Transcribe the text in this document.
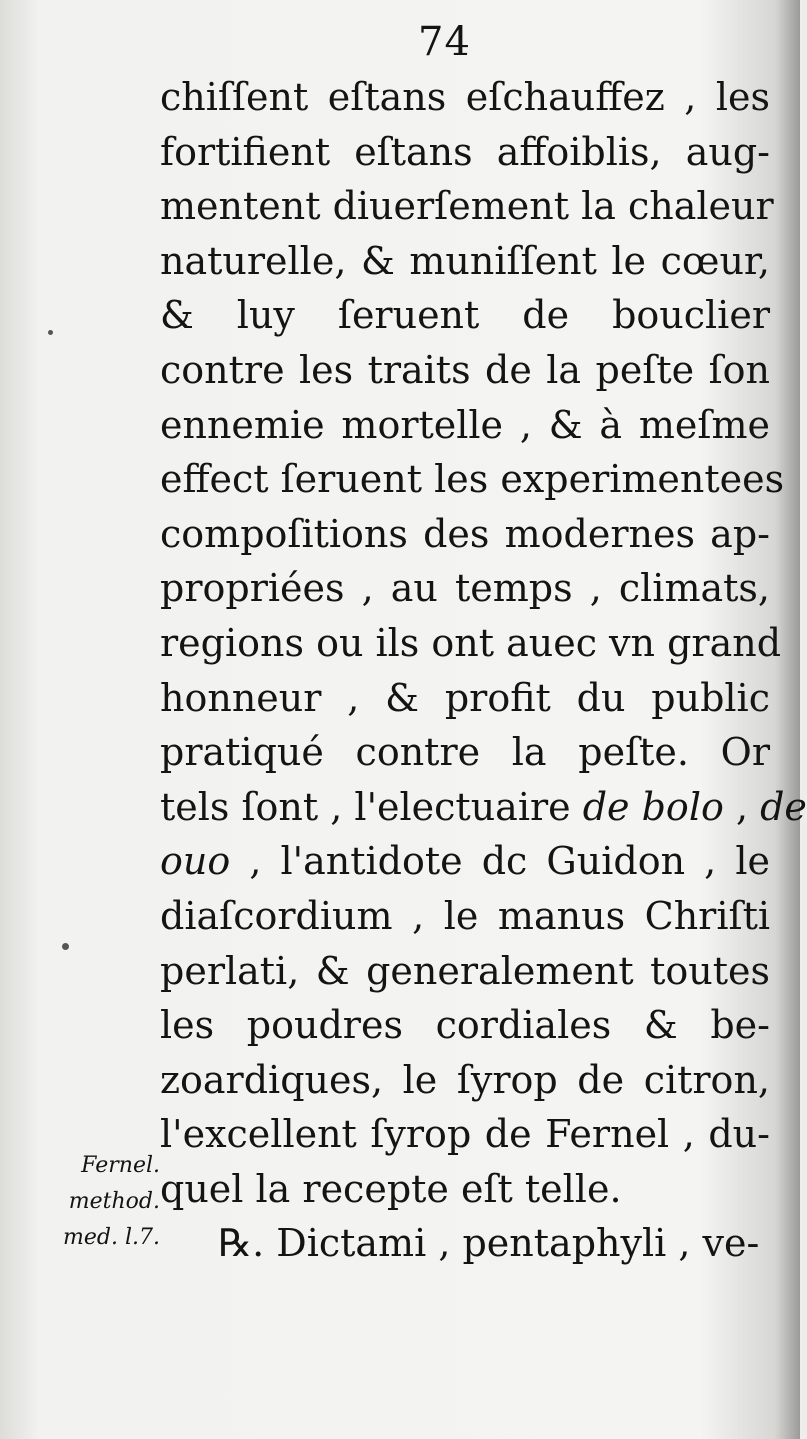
74
chiſſent eſtans eſchauffez , les
fortifient eſtans affoiblis, aug-
mentent diuerſement la chaleur
naturelle, & muniſſent le cœur,
& luy ſeruent de bouclier
contre les traits de la peſte ſon
ennemie mortelle , & à meſme
effect ſeruent les experimentees
compoſitions des modernes ap-
propriées , au temps , climats,
regions ou ils ont auec vn grand
honneur , & profit du public
pratiqué contre la peſte. Or
tels ſont , l'electuaire de bolo , de
ouo , l'antidote dc Guidon , le
diaſcordium , le manus Chriſti
perlati, & generalement toutes
les poudres cordiales & be-
zoardiques, le ſyrop de citron,
l'excellent ſyrop de Fernel , du-
quel la recepte eſt telle.
℞. Dictami , pentaphyli , ve-
Fernel.
method.
med. l.7.
